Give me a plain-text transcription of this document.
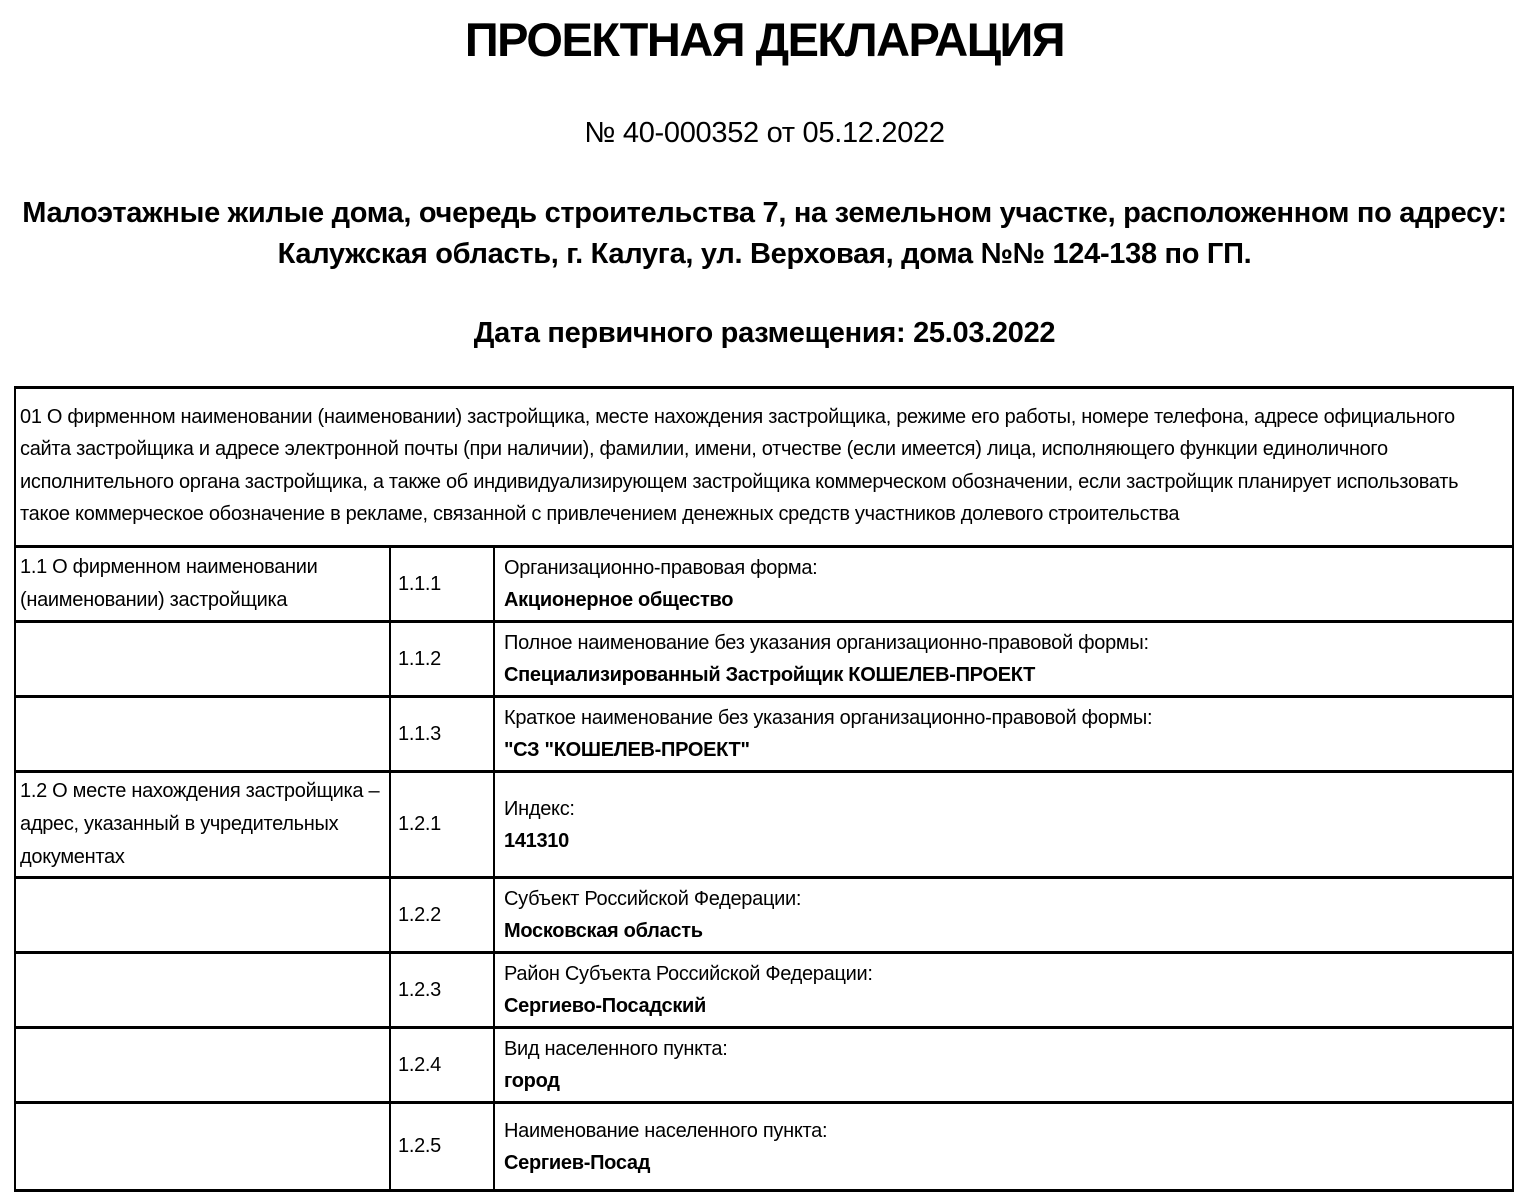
ПРОЕКТНАЯ ДЕКЛАРАЦИЯ
№ 40-000352 от 05.12.2022
Малоэтажные жилые дома, очередь строительства 7, на земельном участке, расположенном по адресу:
Калужская область, г. Калуга, ул. Верховая, дома №№ 124-138 по ГП.
Дата первичного размещения: 25.03.2022
01 О фирменном наименовании (наименовании) застройщика, месте нахождения застройщика, режиме его работы, номере телефона, адресе официального сайта застройщика и адресе электронной почты (при наличии), фамилии, имени, отчестве (если имеется) лица, исполняющего функции единоличного исполнительного органа застройщика, а также об индивидуализирующем застройщика коммерческом обозначении, если застройщик планирует использовать такое коммерческое обозначение в рекламе, связанной с привлечением денежных средств участников долевого строительства		
1.1 О фирменном наименовании (наименовании) застройщика	1.1.1	Организационно-правовая форма:
Акционерное общество

	1.1.2	Полное наименование без указания организационно-правовой формы:
Специализированный Застройщик КОШЕЛЕВ-ПРОЕКТ

	1.1.3	Краткое наименование без указания организационно-правовой формы:
"СЗ "КОШЕЛЕВ-ПРОЕКТ"

1.2 О месте нахождения застройщика – адрес, указанный в учредительных документах	1.2.1	Индекс:
141310

	1.2.2	Субъект Российской Федерации:
Московская область

	1.2.3	Район Субъекта Российской Федерации:
Сергиево-Посадский

	1.2.4	Вид населенного пункта:
город

	1.2.5	Наименование населенного пункта:
Сергиев-Посад
